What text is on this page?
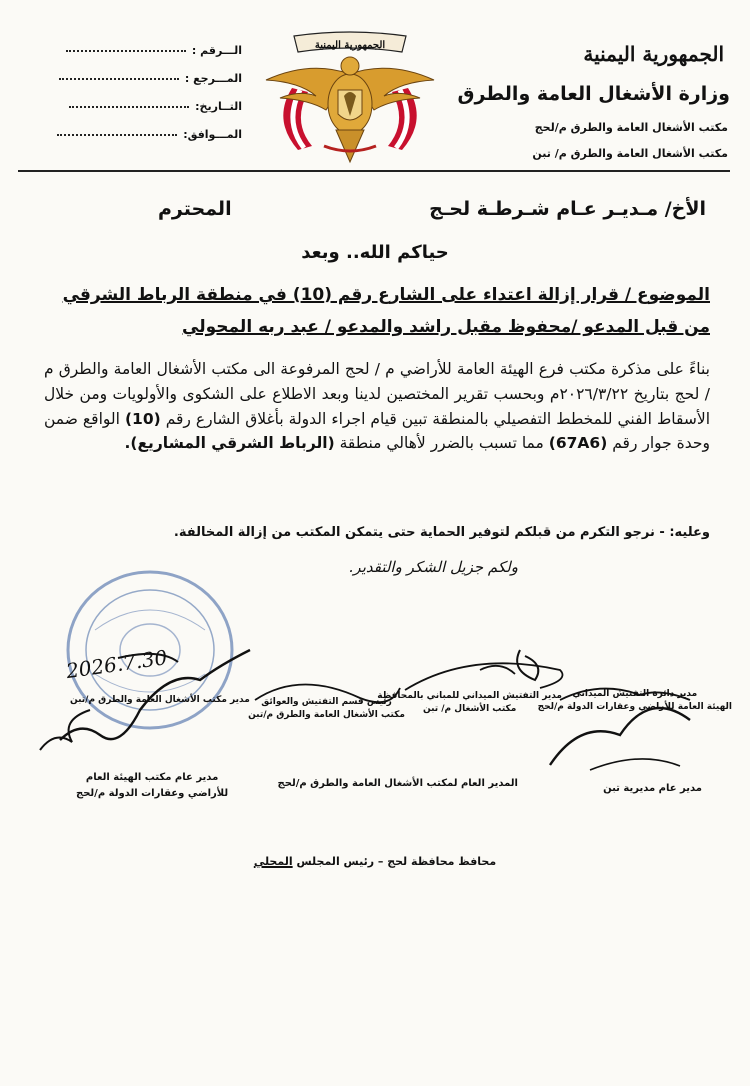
الجمهورية اليمنية
وزارة الأشغال العامة والطرق
مكتب الأشغال العامة والطرق م/لحج
مكتب الأشغال العامة والطرق م/ تبن
الجمهورية اليمنية
الـــرقم :
المـــرجع :
التــاريخ:
المـــوافق:
الأخ/ مـديـر عـام شـرطـة لحـج
المحترم
حياكم الله.. وبعد
الموضوع / قرار إزالة اعتداء على الشارع رقم (10) في منطقة الرباط الشرقي
من قبل المدعو /محفوظ مقبل راشد والمدعو / عبد ربه المحولي
بناءً على مذكرة مكتب فرع الهيئة العامة للأراضي م / لحج المرفوعة الى مكتب الأشغال العامة والطرق م / لحج بتاريخ ٢٠٢٦/٣/٢٢م وبحسب تقرير المختصين لدينا وبعد الاطلاع على الشكوى والأولويات ومن خلال الأسقاط الفني للمخطط التفصيلي بالمنطقة تبين قيام اجراء الدولة بأغلاق الشارع رقم (10) الواقع ضمن وحدة جوار رقم (67A6) مما تسبب بالضرر لأهالي منطقة (الرباط الشرقي المشاريع).
وعليه: - نرجو التكرم من قبلكم لتوفير الحماية حتى يتمكن المكتب من إزالة المخالفة.
ولكم جزيل الشكر والتقدير.
2026.7.30
مدير دائرة التفتيش الميداني
الهيئة العامة للأراضي وعقارات الدولة م/لحج
مدير التفتيش الميداني للمباني بالمحافظة
مكتب الأشغال م/ تبن
رئيس قسم التفتيش والعوائق
مكتب الأشغال العامة والطرق م/تبن
مدير مكتب الأشغال العامة والطرق م/تبن
مدير عام مديرية تبن
المدير العام لمكتب الأشغال العامة والطرق م/لحج
مدير عام مكتب الهيئة العام
للأراضي وعقارات الدولة م/لحج
محافظ محافظة لحج – رئيس المجلس المحلي
